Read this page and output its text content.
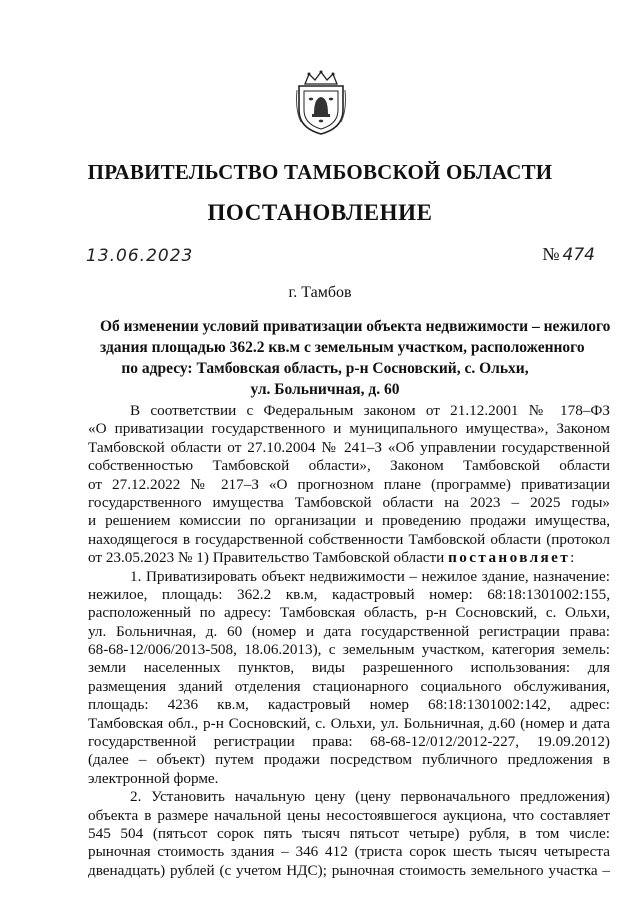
ПРАВИТЕЛЬСТВО ТАМБОВСКОЙ ОБЛАСТИ
ПОСТАНОВЛЕНИЕ
13.06.2023	№ 474
г. Тамбов
Об изменении условий приватизации объекта недвижимости – нежилого
здания площадью 362.2 кв.м с земельным участком, расположенного
по адресу: Тамбовская область, р-н Сосновский, с. Ольхи,
ул. Больничная, д. 60
В соответствии с Федеральным законом от 21.12.2001 № 178–ФЗ
«О приватизации государственного и муниципального имущества», Законом
Тамбовской области от 27.10.2004 № 241–З «Об управлении государственной
собственностью Тамбовской области», Законом Тамбовской области
от 27.12.2022 № 217–З «О прогнозном плане (программе) приватизации
государственного имущества Тамбовской области на 2023 – 2025 годы»
и решением комиссии по организации и проведению продажи имущества,
находящегося в государственной собственности Тамбовской области (протокол
от 23.05.2023 № 1) Правительство Тамбовской области постановляет:
1. Приватизировать объект недвижимости – нежилое здание, назначение:
нежилое, площадь: 362.2 кв.м, кадастровый номер: 68:18:1301002:155,
расположенный по адресу: Тамбовская область, р-н Сосновский, с. Ольхи,
ул. Больничная, д. 60 (номер и дата государственной регистрации права:
68-68-12/006/2013-508, 18.06.2013), с земельным участком, категория земель:
земли населенных пунктов, виды разрешенного использования: для
размещения зданий отделения стационарного социального обслуживания,
площадь: 4236 кв.м, кадастровый номер 68:18:1301002:142, адрес:
Тамбовская обл., р-н Сосновский, с. Ольхи, ул. Больничная, д.60 (номер и дата
государственной регистрации права: 68-68-12/012/2012-227, 19.09.2012)
(далее – объект) путем продажи посредством публичного предложения в
электронной форме.
2. Установить начальную цену (цену первоначального предложения)
объекта в размере начальной цены несостоявшегося аукциона, что составляет
545 504 (пятьсот сорок пять тысяч пятьсот четыре) рубля, в том числе:
рыночная стоимость здания – 346 412 (триста сорок шесть тысяч четыреста
двенадцать) рублей (с учетом НДС); рыночная стоимость земельного участка –
